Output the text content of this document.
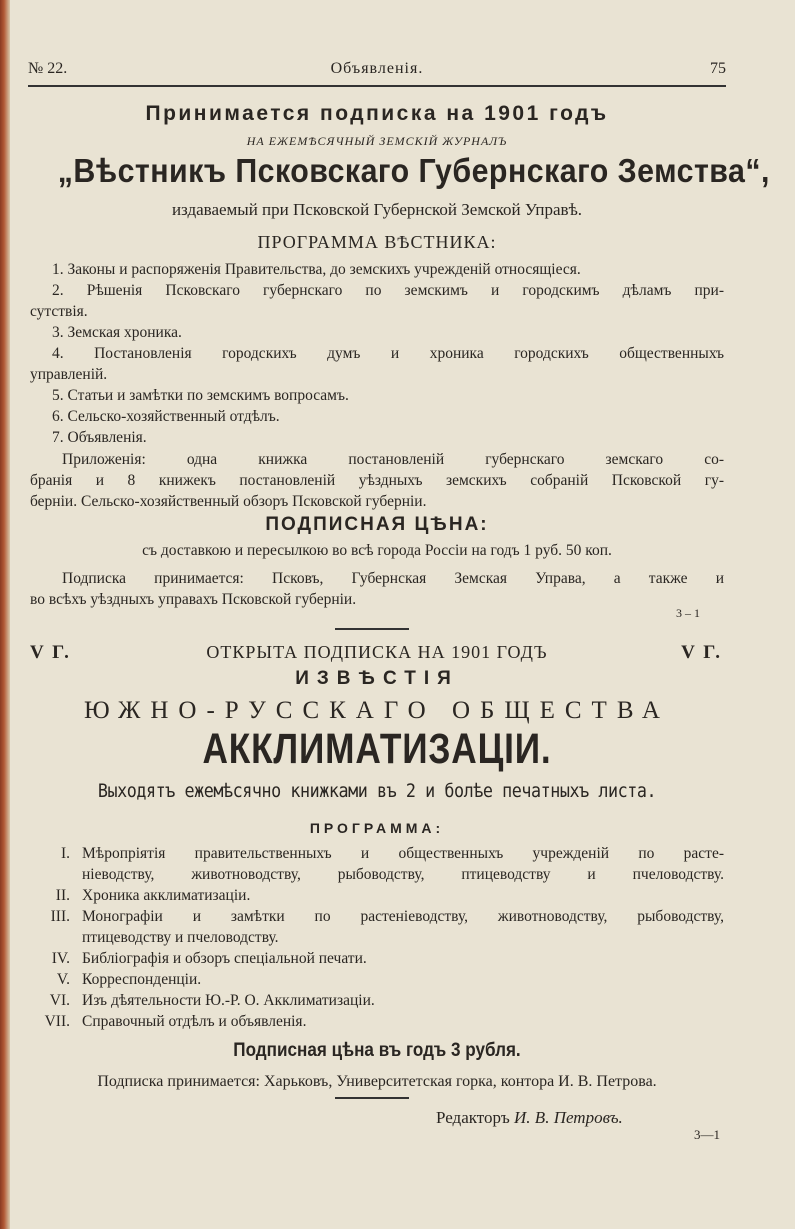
№ 22.	Объявленія.	75
Принимается подписка на 1901 годъ
НА ЕЖЕМѢСЯЧНЫЙ ЗЕМСКІЙ ЖУРНАЛЪ
„Вѣстникъ Псковскаго Губернскаго Земства“,
издаваемый при Псковской Губернской Земской Управѣ.
ПРОГРАММА ВѢСТНИКА:
1. Законы и распоряженія Правительства, до земскихъ учрежденій относящіеся.
2. Рѣшенія Псковскаго губернскаго по земскимъ и городскимъ дѣламъ при-
сутствія.
3. Земская хроника.
4. Постановленія городскихъ думъ и хроника городскихъ общественныхъ
управленій.
5. Статьи и замѣтки по земскимъ вопросамъ.
6. Сельско-хозяйственный отдѣлъ.
7. Объявленія.
Приложенія: одна книжка постановленій губернскаго земскаго со-
бранія и 8 книжекъ постановленій уѣздныхъ земскихъ собраній Псковской гу-
берніи. Сельско-хозяйственный обзоръ Псковской губерніи.
ПОДПИСНАЯ ЦѢНА:
съ доставкою и пересылкою во всѣ города Россіи на годъ 1 руб. 50 коп.
Подписка принимается: Псковъ, Губернская Земская Управа, а также и
во всѣхъ уѣздныхъ управахъ Псковской губерніи.
3 – 1
V Г.	ОТКРЫТА ПОДПИСКА НА 1901 ГОДЪ	V Г.
ИЗВѢСТІЯ
ЮЖНО-РУССКАГО ОБЩЕСТВА
АККЛИМАТИЗАЦІИ.
Выходятъ ежемѣсячно книжками въ 2 и болѣе печатныхъ листа.
ПРОГРАММА:
I. Мѣропріятія правительственныхъ и общественныхъ учрежденій по расте-
ніеводству, животноводству, рыбоводству, птицеводству и пчеловодству.
II. Хроника акклиматизаціи.
III. Монографіи и замѣтки по растеніеводству, животноводству, рыбоводству,
птицеводству и пчеловодству.
IV. Библіографія и обзоръ спеціальной печати.
V. Корреспонденціи.
VI. Изъ дѣятельности Ю.-Р. О. Акклиматизаціи.
VII. Справочный отдѣлъ и объявленія.
Подписная цѣна въ годъ 3 рубля.
Подписка принимается: Харьковъ, Университетская горка, контора И. В. Петрова.
Редакторъ И. В. Петровъ.
3—1
